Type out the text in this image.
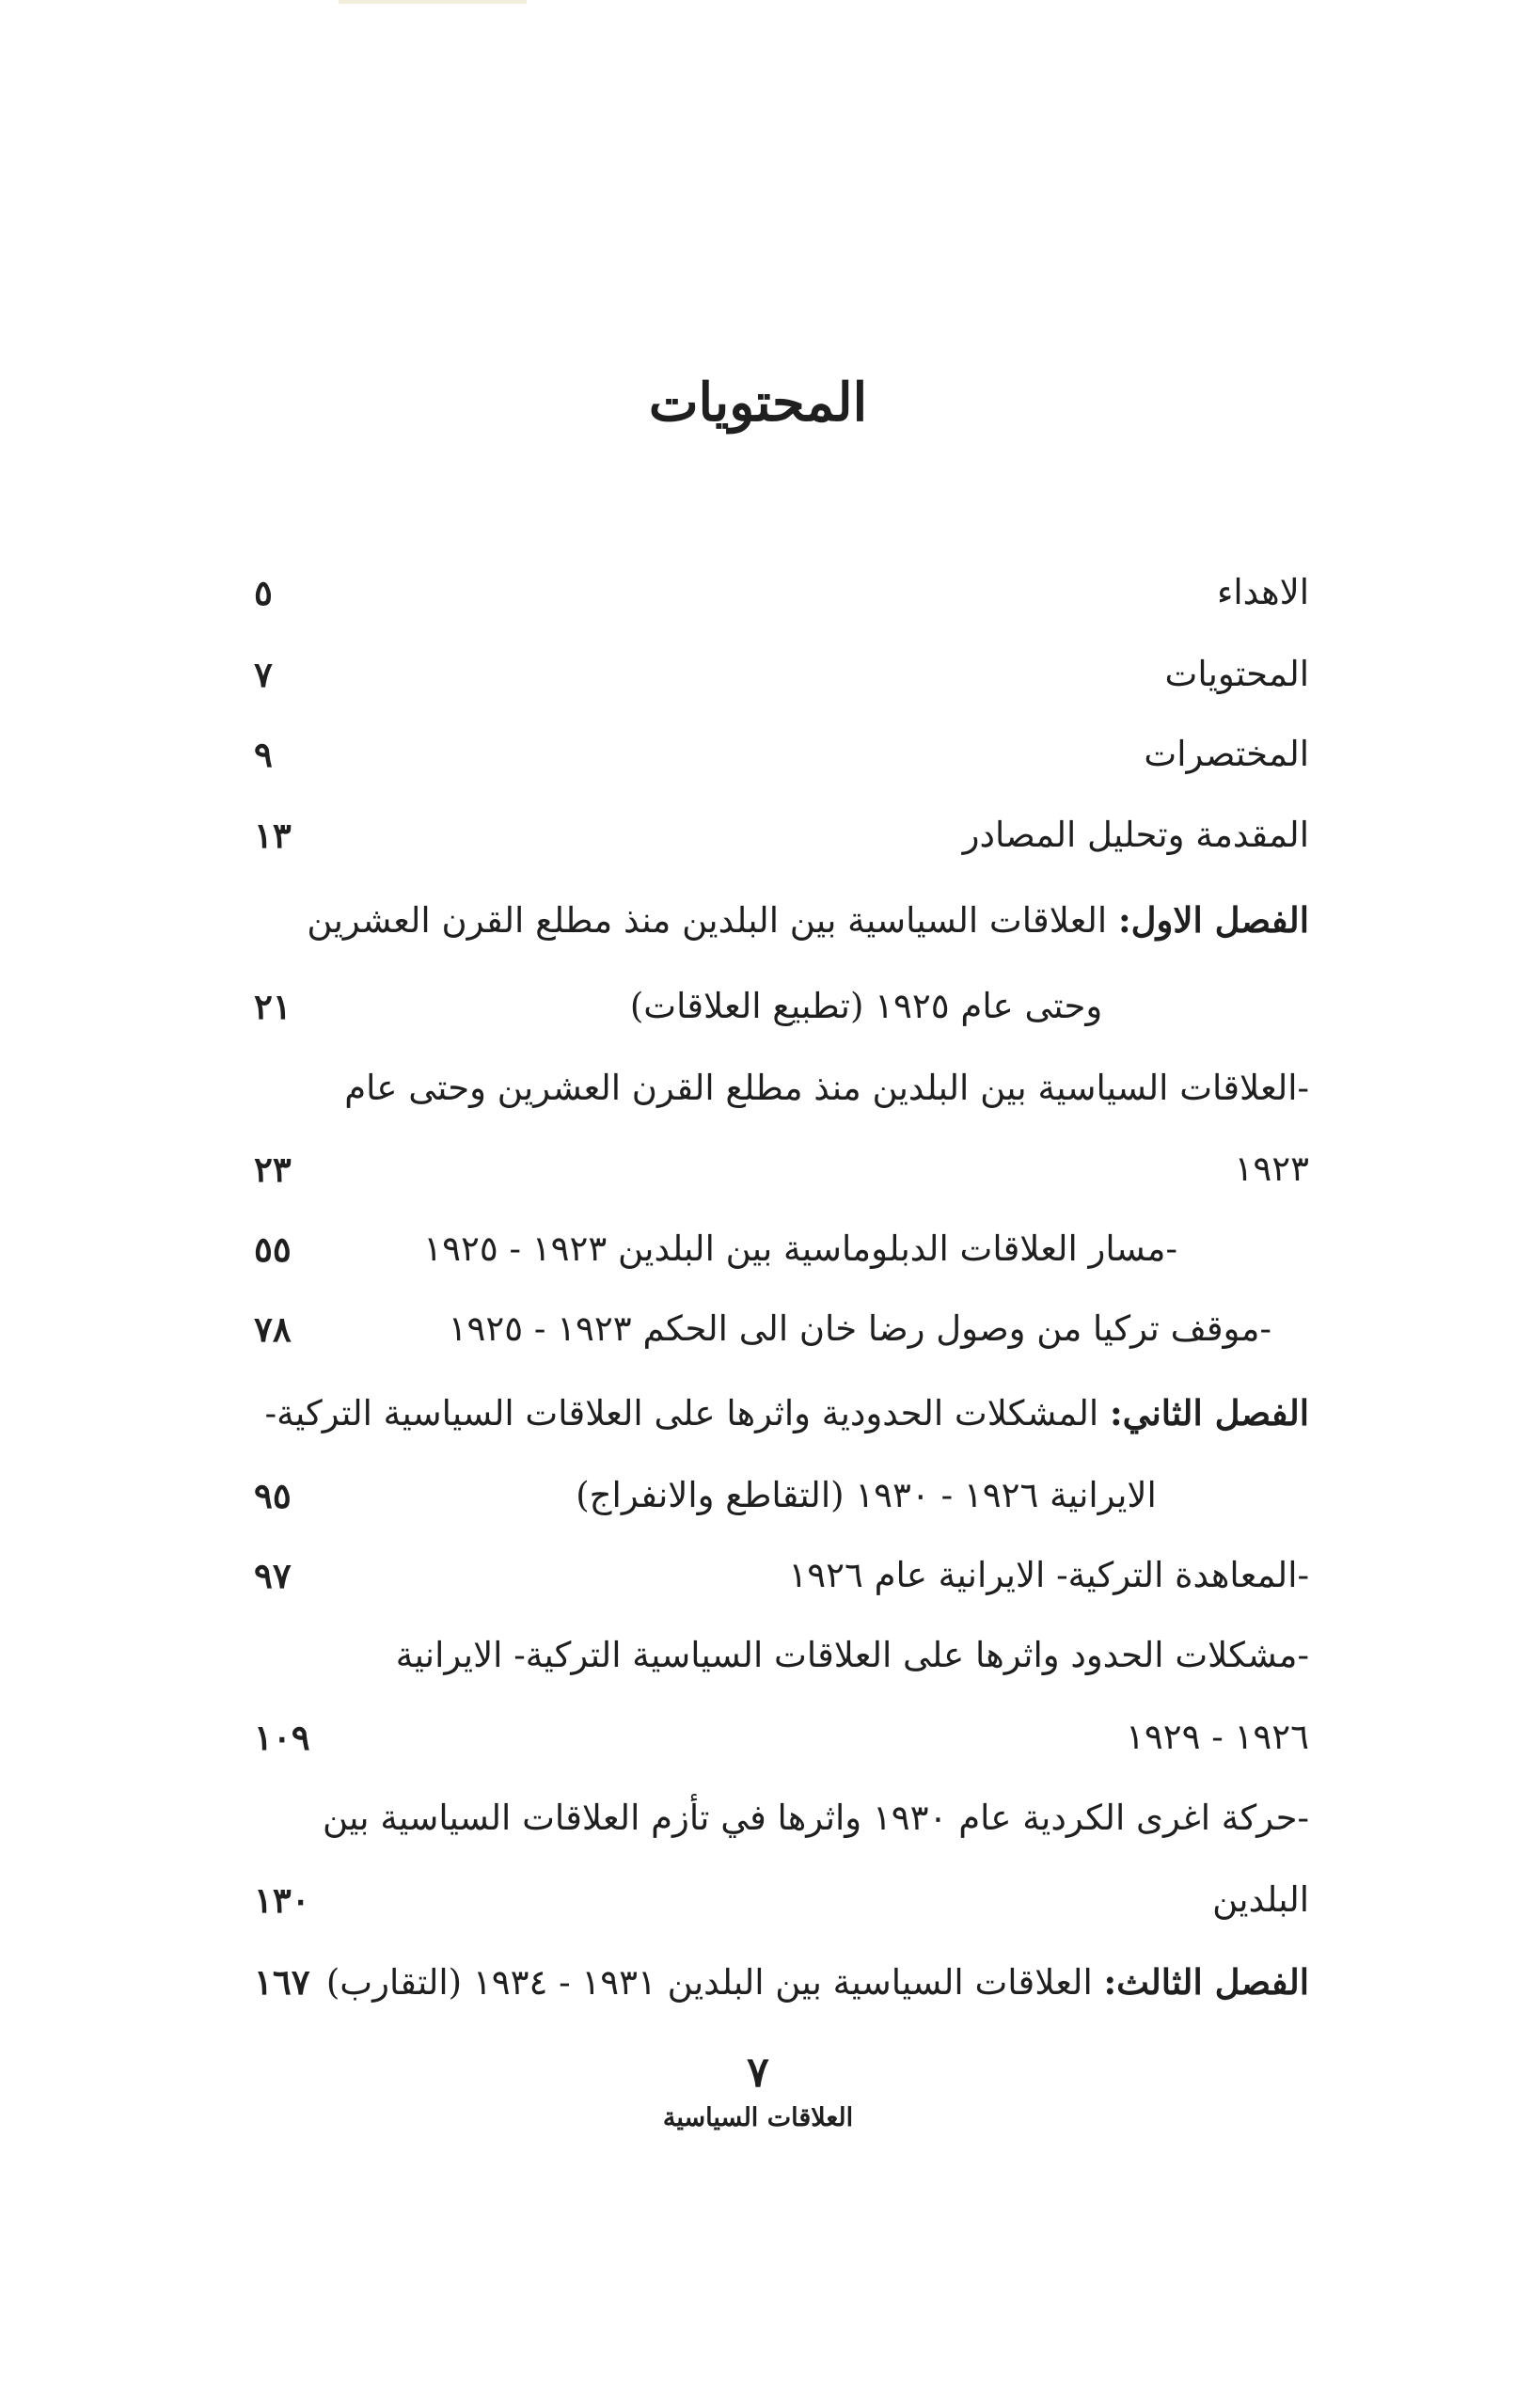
المحتويات
الاهداء
٥
المحتويات
٧
المختصرات
٩
المقدمة وتحليل المصادر
١٣
الفصل الاول: العلاقات السياسية بين البلدين منذ مطلع القرن العشرين
وحتى عام ١٩٢٥ (تطبيع العلاقات)
٢١
-العلاقات السياسية بين البلدين منذ مطلع القرن العشرين وحتى عام
١٩٢٣
٢٣
-مسار العلاقات الدبلوماسية بين البلدين ١٩٢٣ - ١٩٢٥
٥٥
-موقف تركيا من وصول رضا خان الى الحكم ١٩٢٣ - ١٩٢٥
٧٨
الفصل الثاني: المشكلات الحدودية واثرها على العلاقات السياسية التركية-
الايرانية ١٩٢٦ - ١٩٣٠ (التقاطع والانفراج)
٩٥
-المعاهدة التركية- الايرانية عام ١٩٢٦
٩٧
-مشكلات الحدود واثرها على العلاقات السياسية التركية- الايرانية
١٩٢٦ - ١٩٢٩
١٠٩
-حركة اغرى الكردية عام ١٩٣٠ واثرها في تأزم العلاقات السياسية بين
البلدين
١٣٠
الفصل الثالث: العلاقات السياسية بين البلدين ١٩٣١ - ١٩٣٤ (التقارب)
١٦٧
٧
العلاقات السياسية
